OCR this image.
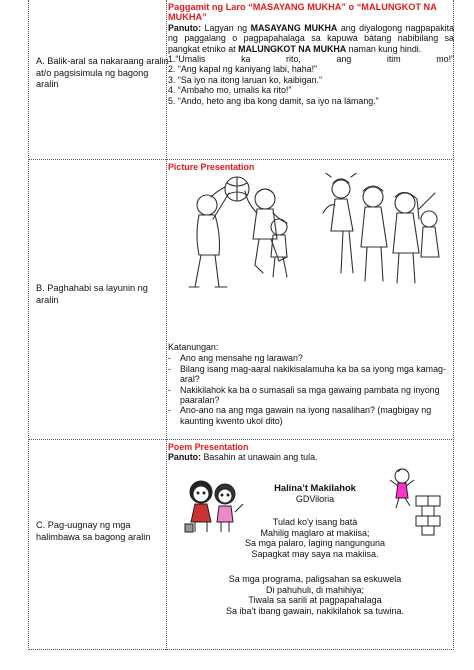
A. Balik-aral sa nakaraang aralin at/o pagsisimula ng bagong aralin
Paggamit ng Laro “MASAYANG MUKHA” o “MALUNGKOT NA MUKHA”
Panuto: Lagyan ng MASAYANG MUKHA ang diyalogong nagpapakita ng paggalang o pagpapahalaga sa kapuwa bátang nabibilang sa pangkat etniko at MALUNGKOT NA MUKHA naman kung hindi.
1.“Umalis	ka	rito,	ang	itim	mo!”
2. “Ang kapal ng kaniyang labi, haha!”
3. “Sa iyo na itong laruan ko, kaibigan.”
4. “Ambaho mo, umalis ka rito!”
5. “Ando, heto ang iba kong damit, sa iyo na lámang.”
B. Paghahabi sa layunin ng aralin
Picture Presentation
Katanungan:
-	Ano ang mensahe ng larawan?
-	Bilang isang mag-aaral nakikisalamuha ka ba sa iyong mga kamag-aral?
-	Nakikilahok ka ba o sumasali sa mga gawaing pambata ng inyong paaralan?
-	Ano-ano na ang mga gawain na iyong nasalihan? (magbigay ng kaunting kwento ukol dito)
C. Pag-uugnay ng mga halimbawa sa bagong aralin
Poem Presentation
Panuto: Basahin at unawain ang tula.
Halina’t Makilahok
GDViloria
Tulad ko'y isang batà
Mahilig maglaro at makiisa;
Sa mga palaro, laging nangunguna
Sapagkat may saya na makiisa.
Sa mga programa, paligsahan sa eskuwela
Di pahuhuli, di mahihiya;
Tiwala sa sarili at pagpapahalaga
Sa iba’t ibang gawain, nakikilahok sa tuwina.
